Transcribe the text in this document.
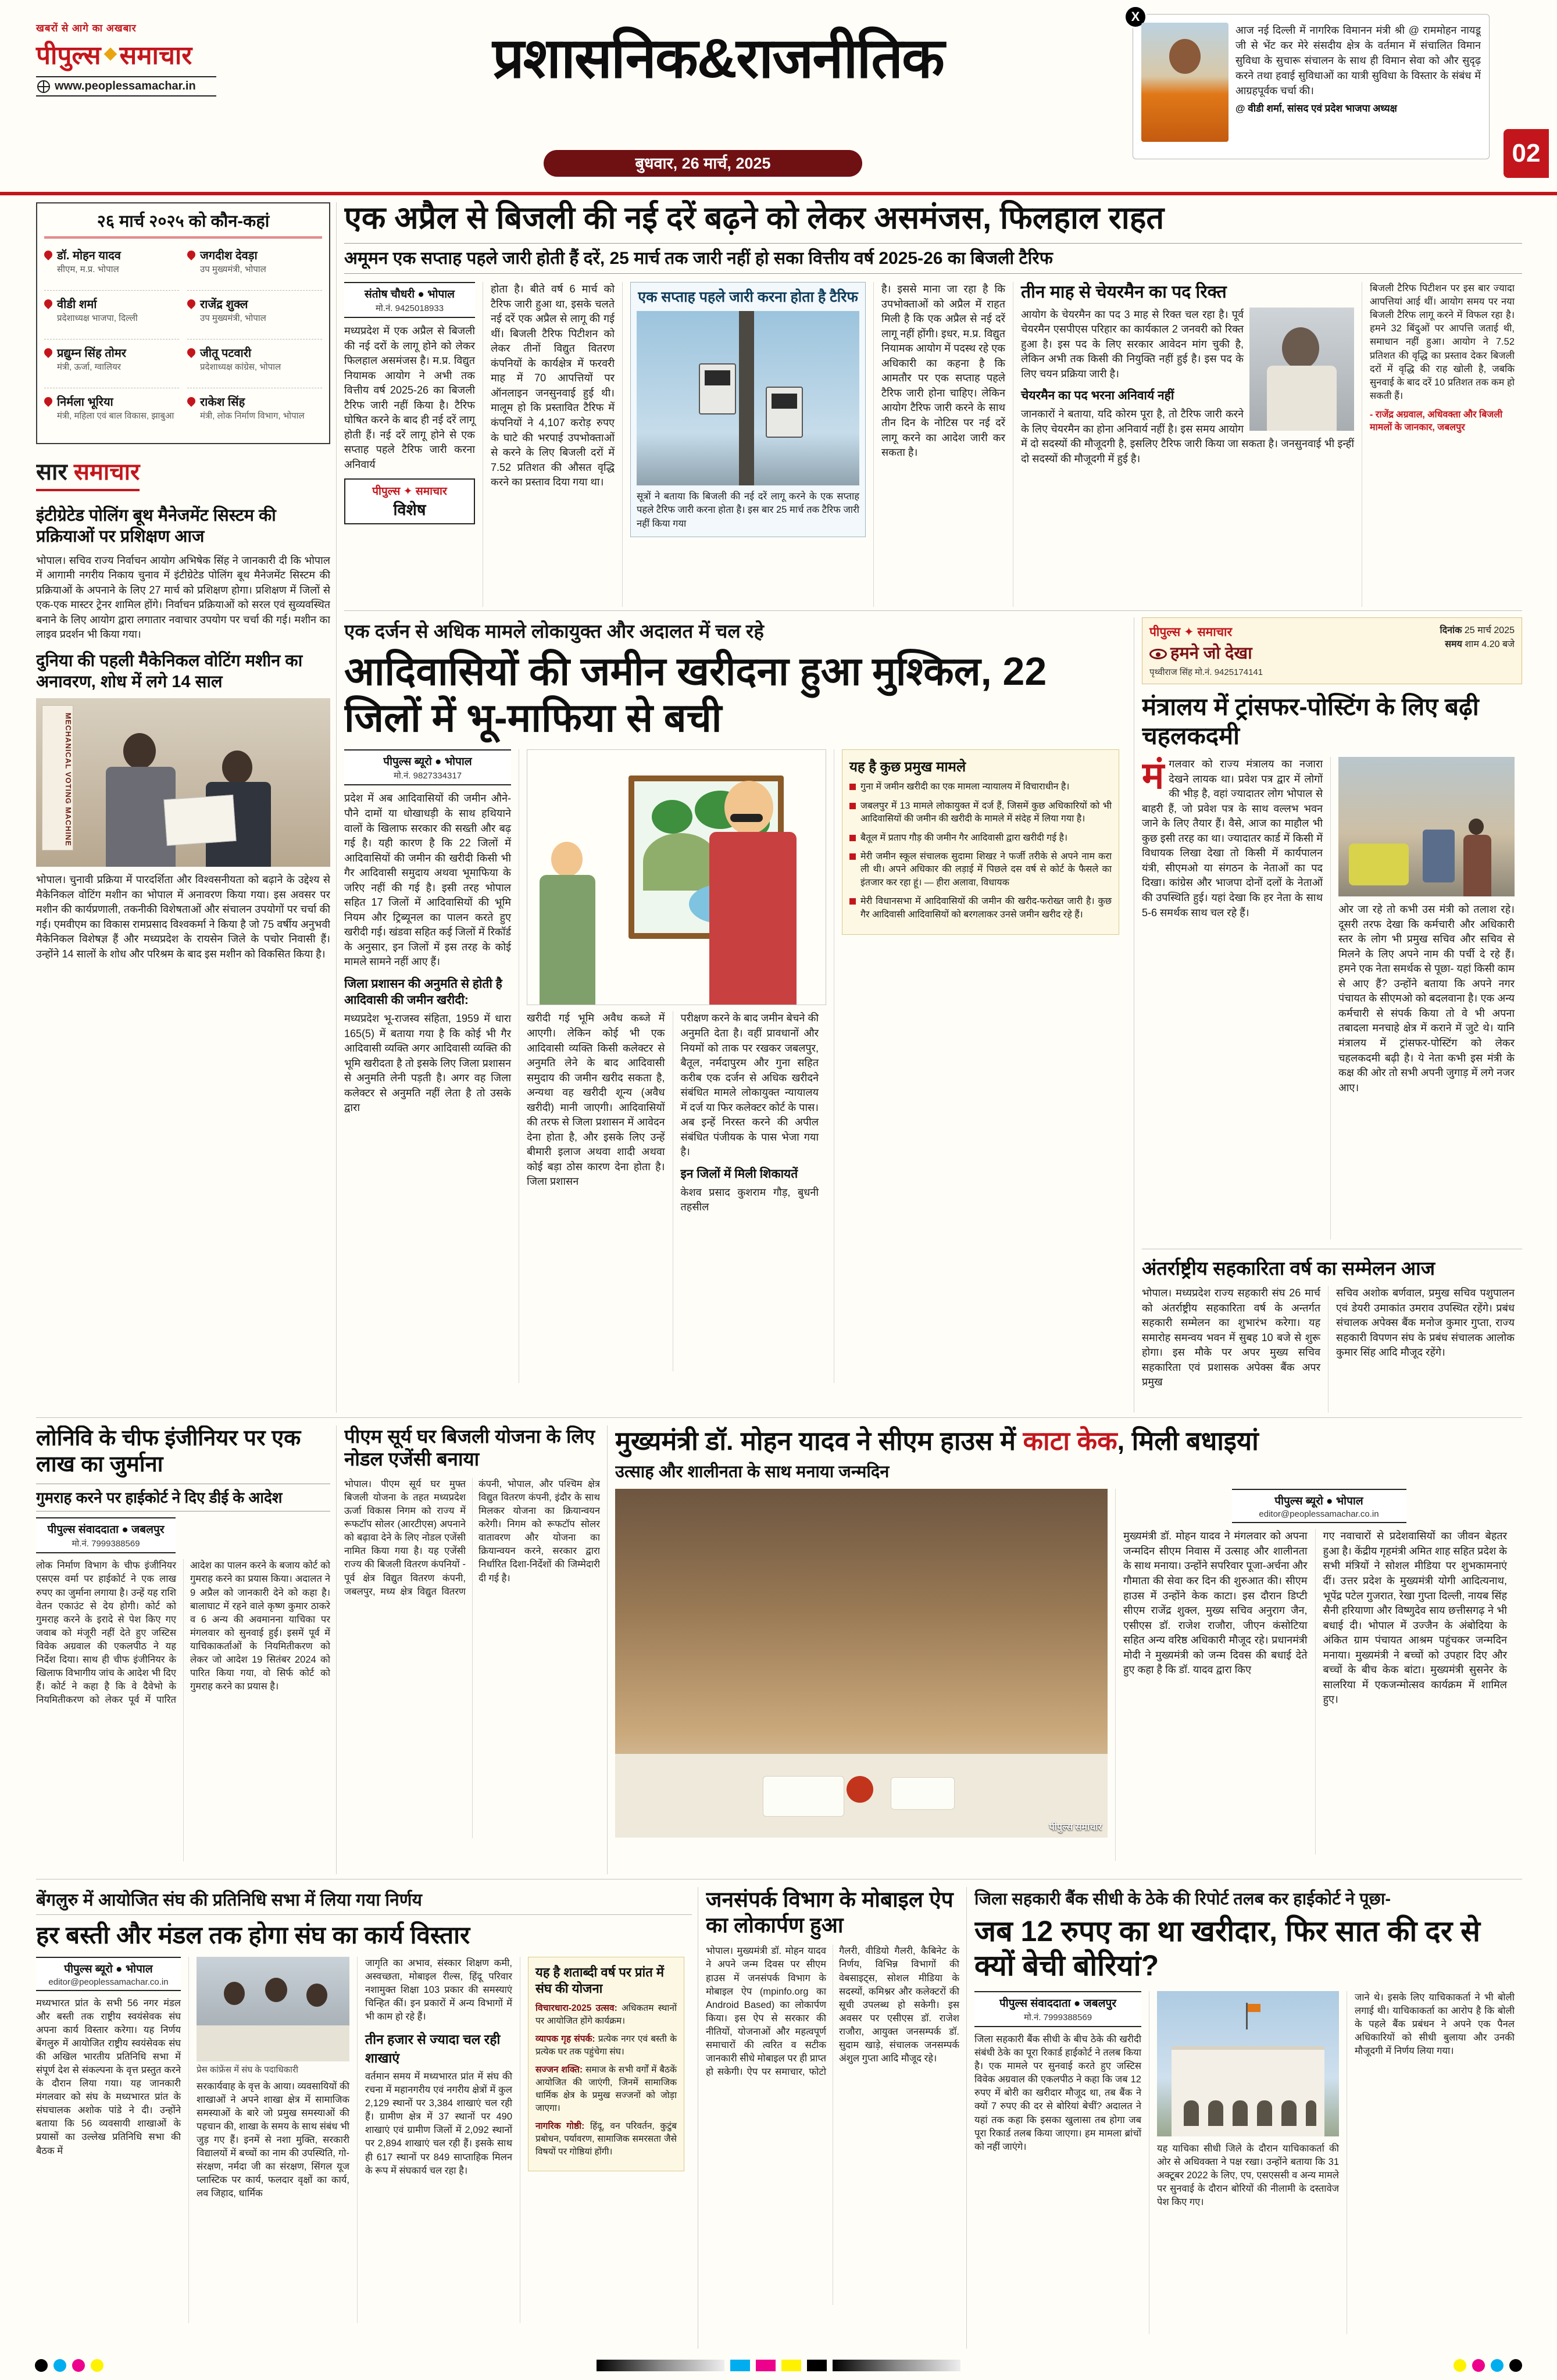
खबरों से आगे का अखबार
पीपुल्स समाचार
www.peoplessamachar.in	प्रशासनिक&राजनीतिक
बुधवार, 26 मार्च, 2025
X

आज नई दिल्ली में नागरिक विमानन मंत्री श्री @ राममोहन नायडू जी से भेंट कर मेरे संसदीय क्षेत्र के वर्तमान में संचालित विमान सुविधा के सुचारू संचालन के साथ ही विमान सेवा को और सुदृढ़ करने तथा हवाई सुविधाओं का यात्री सुविधा के विस्तार के संबंध में आग्रहपूर्वक चर्चा की।

@ वीडी शर्मा, सांसद एवं प्रदेश भाजपा अध्यक्ष
02
२६ मार्च २०२५ को कौन-कहां
डॉ. मोहन यादव
सीएम, म.प्र. भोपाल
जगदीश देवड़ा
उप मुख्यमंत्री, भोपाल
वीडी शर्मा
प्रदेशाध्यक्ष भाजपा, दिल्ली
राजेंद्र शुक्ल
उप मुख्यमंत्री, भोपाल
प्रद्युम्न सिंह तोमर
मंत्री, ऊर्जा, ग्वालियर
जीतू पटवारी
प्रदेशाध्यक्ष कांग्रेस, भोपाल
निर्मला भूरिया
मंत्री, महिला एवं बाल विकास, झाबुआ
राकेश सिंह
मंत्री, लोक निर्माण विभाग, भोपाल
सार समाचार
इंटीग्रेटेड पोलिंग बूथ मैनेजमेंट सिस्टम की प्रक्रियाओं पर प्रशिक्षण आज

भोपाल। सचिव राज्य निर्वाचन आयोग अभिषेक सिंह ने जानकारी दी कि भोपाल में आगामी नगरीय निकाय चुनाव में इंटीग्रेटेड पोलिंग बूथ मैनेजमेंट सिस्टम की प्रक्रियाओं के अपनाने के लिए 27 मार्च को प्रशिक्षण होगा। प्रशिक्षण में जिलों से एक-एक मास्टर ट्रेनर शामिल होंगे। निर्वाचन प्रक्रियाओं को सरल एवं सुव्यवस्थित बनाने के लिए आयोग द्वारा लगातार नवाचार उपयोग पर चर्चा की गई। मशीन का लाइव प्रदर्शन भी किया गया।

दुनिया की पहली मैकेनिकल वोटिंग मशीन का अनावरण, शोध में लगे 14 साल
MECHANICAL VOTING MACHINE

भोपाल। चुनावी प्रक्रिया में पारदर्शिता और विश्वसनीयता को बढ़ाने के उद्देश्य से मैकेनिकल वोटिंग मशीन का भोपाल में अनावरण किया गया। इस अवसर पर मशीन की कार्यप्रणाली, तकनीकी विशेषताओं और संचालन उपयोगों पर चर्चा की गई। एमवीएम का विकास रामप्रसाद विश्वकर्मा ने किया है जो 75 वर्षीय अनुभवी मैकेनिकल विशेषज्ञ हैं और मध्यप्रदेश के रायसेन जिले के पचोर निवासी हैं। उन्होंने 14 सालों के शोध और परिश्रम के बाद इस मशीन को विकसित किया है।

एक अप्रैल से बिजली की नई दरें बढ़ने को लेकर असमंजस, फिलहाल राहत
अमूमन एक सप्ताह पहले जारी होती हैं दरें, 25 मार्च तक जारी नहीं हो सका वित्तीय वर्ष 2025-26 का बिजली टैरिफ
संतोष चौधरी ● भोपाल
मो.नं. 9425018933

मध्यप्रदेश में एक अप्रैल से बिजली की नई दरों के लागू होने को लेकर फिलहाल असमंजस है। म.प्र. विद्युत नियामक आयोग ने अभी तक वित्तीय वर्ष 2025-26 का बिजली टैरिफ जारी नहीं किया है। टैरिफ घोषित करने के बाद ही नई दरें लागू होती हैं। नई दरें लागू होने से एक सप्ताह पहले टैरिफ जारी करना अनिवार्य

पीपुल्स ✦ समाचार
विशेष

होता है। बीते वर्ष 6 मार्च को टैरिफ जारी हुआ था, इसके चलते नई दरें एक अप्रैल से लागू की गई थीं। बिजली टैरिफ पिटीशन को लेकर तीनों विद्युत वितरण कंपनियों के कार्यक्षेत्र में फरवरी माह में 70 आपत्तियों पर ऑनलाइन जनसुनवाई हुई थी। मालूम हो कि प्रस्तावित टैरिफ में कंपनियों ने 4,107 करोड़ रुपए के घाटे की भरपाई उपभोक्ताओं से करने के लिए बिजली दरों में 7.52 प्रतिशत की औसत वृद्धि करने का प्रस्ताव दिया गया था।

एक सप्ताह पहले जारी करना होता है टैरिफ

सूत्रों ने बताया कि बिजली की नई दरें लागू करने के एक सप्ताह पहले टैरिफ जारी करना होता है। इस बार 25 मार्च तक टैरिफ जारी नहीं किया गया

है। इससे माना जा रहा है कि उपभोक्ताओं को अप्रैल में राहत मिली है कि एक अप्रैल से नई दरें लागू नहीं होंगी। इधर, म.प्र. विद्युत नियामक आयोग में पदस्थ रहे एक अधिकारी का कहना है कि आमतौर पर एक सप्ताह पहले टैरिफ जारी होना चाहिए। लेकिन आयोग टैरिफ जारी करने के साथ तीन दिन के नोटिस पर नई दरें लागू करने का आदेश जारी कर सकता है।

तीन माह से चेयरमैन का पद रिक्त

आयोग के चेयरमैन का पद 3 माह से रिक्त चल रहा है। पूर्व चेयरमैन एसपीएस परिहार का कार्यकाल 2 जनवरी को रिक्त हुआ है। इस पद के लिए सरकार आवेदन मांग चुकी है, लेकिन अभी तक किसी की नियुक्ति नहीं हुई है। इस पद के लिए चयन प्रक्रिया जारी है।

चेयरमैन का पद भरना अनिवार्य नहीं

जानकारों ने बताया, यदि कोरम पूरा है, तो टैरिफ जारी करने के लिए चेयरमैन का होना अनिवार्य नहीं है। इस समय आयोग में दो सदस्यों की मौजूदगी है, इसलिए टैरिफ जारी किया जा सकता है। जनसुनवाई भी इन्हीं दो सदस्यों की मौजूदगी में हुई है।

बिजली टैरिफ पिटीशन पर इस बार ज्यादा आपत्तियां आई थीं। आयोग समय पर नया बिजली टैरिफ लागू करने में विफल रहा है। हमने 32 बिंदुओं पर आपत्ति जताई थी, समाधान नहीं हुआ। आयोग ने 7.52 प्रतिशत की वृद्धि का प्रस्ताव देकर बिजली दरों में वृद्धि की राह खोली है, जबकि सुनवाई के बाद दरें 10 प्रतिशत तक कम हो सकती हैं।

- राजेंद्र अग्रवाल, अधिवक्ता और बिजली मामलों के जानकार, जबलपुर
एक दर्जन से अधिक मामले लोकायुक्त और अदालत में चल रहे
आदिवासियों की जमीन खरीदना हुआ मुश्किल, 22 जिलों में भू-माफिया से बची
पीपुल्स ब्यूरो ● भोपाल
मो.नं. 9827334317

प्रदेश में अब आदिवासियों की जमीन औने-पौने दामों या धोखाधड़ी के साथ हथियाने वालों के खिलाफ सरकार की सख्ती और बढ़ गई है। यही कारण है कि 22 जिलों में आदिवासियों की जमीन की खरीदी किसी भी गैर आदिवासी समुदाय अथवा भूमाफिया के जरिए नहीं की गई है। इसी तरह भोपाल सहित 17 जिलों में आदिवासियों की भूमि नियम और ट्रिब्यूनल का पालन करते हुए खरीदी गई। खंडवा सहित कई जिलों में रिकॉर्ड के अनुसार, इन जिलों में इस तरह के कोई मामले सामने नहीं आए हैं।

जिला प्रशासन की अनुमति से होती है आदिवासी की जमीन खरीदी:

मध्यप्रदेश भू-राजस्व संहिता, 1959 में धारा 165(5) में बताया गया है कि कोई भी गैर आदिवासी व्यक्ति अगर आदिवासी व्यक्ति की भूमि खरीदता है तो इसके लिए जिला प्रशासन से अनुमति लेनी पड़ती है। अगर वह जिला कलेक्टर से अनुमति नहीं लेता है तो उसके द्वारा

खरीदी गई भूमि अवैध कब्जे में आएगी। लेकिन कोई भी एक आदिवासी व्यक्ति किसी कलेक्टर से अनुमति लेने के बाद आदिवासी समुदाय की जमीन खरीद सकता है, अन्यथा वह खरीदी शून्य (अवैध खरीदी) मानी जाएगी। आदिवासियों की तरफ से जिला प्रशासन में आवेदन देना होता है, और इसके लिए उन्हें बीमारी इलाज अथवा शादी अथवा कोई बड़ा ठोस कारण देना होता है। जिला प्रशासन

परीक्षण करने के बाद जमीन बेचने की अनुमति देता है। वहीं प्रावधानों और नियमों को ताक पर रखकर जबलपुर, बैतूल, नर्मदापुरम और गुना सहित करीब एक दर्जन से अधिक खरीदने संबंधित मामले लोकायुक्त न्यायालय में दर्ज या फिर कलेक्टर कोर्ट के पास। अब इन्हें निरस्त करने की अपील संबंधित पंजीयक के पास भेजा गया है।

इन जिलों में मिली शिकायतें

केशव प्रसाद कुशराम गौड़, बुधनी तहसील

यह है कुछ प्रमुख मामले
गुना में जमीन खरीदी का एक मामला न्यायालय में विचाराधीन है।
जबलपुर में 13 मामले लोकायुक्त में दर्ज हैं, जिसमें कुछ अधिकारियों को भी आदिवासियों की जमीन की खरीदी के मामले में संदेह में लिया गया है।
बैतूल में प्रताप गौड़ की जमीन गैर आदिवासी द्वारा खरीदी गई है।
मेरी जमीन स्कूल संचालक सुदामा शिखऱ ने फर्जी तरीके से अपने नाम करा ली थी। अपने अधिकार की लड़ाई में पिछले दस वर्ष से कोर्ट के फैसले का इंतजार कर रहा हूं। — हीरा अलावा, विधायक
मेरी विधानसभा में आदिवासियों की जमीन की खरीद-फरोख्त जारी है। कुछ गैर आदिवासी आदिवासियों को बरगलाकर उनसे जमीन खरीद रहे हैं।
पीपुल्स ✦ समाचार
हमने जो देखा
दिनांक 25 मार्च 2025
समय शाम 4.20 बजे
पृथ्वीराज सिंह मो.नं. 9425174141
मंत्रालय में ट्रांसफर-पोस्टिंग के लिए बढ़ी चहलकदमी
मं गलवार को राज्य मंत्रालय का नजारा देखने लायक था। प्रवेश पत्र द्वार में लोगों की भीड़ है, वहां ज्यादातर लोग भोपाल से बाहरी हैं, जो प्रवेश पत्र के साथ वल्लभ भवन जाने के लिए तैयार हैं। वैसे, आज का माहौल भी कुछ इसी तरह का था। ज्यादातर कार्ड में किसी में विधायक लिखा देखा तो किसी में कार्यपालन यंत्री, सीएमओ या संगठन के नेताओं का पद दिखा। कांग्रेस और भाजपा दोनों दलों के नेताओं की उपस्थिति हुई। यहां देखा कि हर नेता के साथ 5-6 समर्थक साथ चल रहे हैं।	ओर जा रहे तो कभी उस मंत्री को तलाश रहे। दूसरी तरफ देखा कि कर्मचारी और अधिकारी स्तर के लोग भी प्रमुख सचिव और सचिव से मिलने के लिए अपने नाम की पर्ची दे रहे हैं। हमने एक नेता समर्थक से पूछा- यहां किसी काम से आए हैं? उन्होंने बताया कि अपने नगर पंचायत के सीएमओ को बदलवाना है। एक अन्य कर्मचारी से संपर्क किया तो वे भी अपना तबादला मनचाहे क्षेत्र में कराने में जुटे थे। यानि मंत्रालय में ट्रांसफर-पोस्टिंग को लेकर चहलकदमी बढ़ी है। ये नेता कभी इस मंत्री के कक्ष की ओर तो सभी अपनी जुगाड़ में लगे नजर आए।

अंतर्राष्ट्रीय सहकारिता वर्ष का सम्मेलन आज

भोपाल। मध्यप्रदेश राज्य सहकारी संघ 26 मार्च को अंतर्राष्ट्रीय सहकारिता वर्ष के अन्तर्गत सहकारी सम्मेलन का शुभारंभ करेगा। यह समारोह समन्वय भवन में सुबह 10 बजे से शुरू होगा। इस मौके पर अपर मुख्य सचिव सहकारिता एवं प्रशासक अपेक्स बैंक अपर प्रमुख

सचिव अशोक बर्णवाल, प्रमुख सचिव पशुपालन एवं डेयरी उमाकांत उमराव उपस्थित रहेंगे। प्रबंध संचालक अपेक्स बैंक मनोज कुमार गुप्ता, राज्य सहकारी विपणन संघ के प्रबंध संचालक आलोक कुमार सिंह आदि मौजूद रहेंगे।

लोनिवि के चीफ इंजीनियर पर एक लाख का जुर्माना
गुमराह करने पर हाईकोर्ट ने दिए डीई के आदेश
पीपुल्स संवाददाता ● जबलपुर
मो.नं. 7999388569

लोक निर्माण विभाग के चीफ इंजीनियर एसएस वर्मा पर हाईकोर्ट ने एक लाख रुपए का जुर्माना लगाया है। उन्हें यह राशि वेतन एकाउंट से देय होगी। कोर्ट को गुमराह करने के इरादे से पेश किए गए जवाब को मंजूरी नहीं देते हुए जस्टिस विवेक अग्रवाल की एकलपीठ ने यह निर्देश दिया। साथ ही चीफ इंजीनियर के खिलाफ विभागीय जांच के आदेश भी दिए हैं। कोर्ट ने कहा है कि वे दैवेभो के नियमितीकरण को लेकर पूर्व में पारित आदेश का पालन करने के बजाय कोर्ट को गुमराह करने का प्रयास किया। अदालत ने 9 अप्रैल को जानकारी देने को कहा है। बालाघाट में रहने वाले कृष्ण कुमार ठाकरे व 6 अन्य की अवमानना याचिका पर मंगलवार को सुनवाई हुई। इसमें पूर्व में याचिकाकर्ताओं के नियमितीकरण को लेकर जो आदेश 19 सितंबर 2024 को पारित किया गया, वो सिर्फ कोर्ट को गुमराह करने का प्रयास है।

पीएम सूर्य घर बिजली योजना के लिए नोडल एजेंसी बनाया

भोपाल। पीएम सूर्य घर मुफ्त बिजली योजना के तहत मध्यप्रदेश ऊर्जा विकास निगम को राज्य में रूफटॉप सोलर (आरटीएस) अपनाने को बढ़ावा देने के लिए नोडल एजेंसी नामित किया गया है। यह एजेंसी राज्य की बिजली वितरण कंपनियों - पूर्व क्षेत्र विद्युत वितरण कंपनी, जबलपुर, मध्य क्षेत्र विद्युत वितरण कंपनी, भोपाल, और पश्चिम क्षेत्र विद्युत वितरण कंपनी, इंदौर के साथ मिलकर योजना का क्रियान्वयन करेगी। निगम को रूफटॉप सोलर वातावरण और योजना का क्रियान्वयन करने, सरकार द्वारा निर्धारित दिशा-निर्देशों की जिम्मेदारी दी गई है।

मुख्यमंत्री डॉ. मोहन यादव ने सीएम हाउस में काटा केक, मिली बधाइयां
उत्साह और शालीनता के साथ मनाया जन्मदिन
पीपुल्स समाचार
पीपुल्स ब्यूरो ● भोपाल
editor@peoplessamachar.co.in

मुख्यमंत्री डॉ. मोहन यादव ने मंगलवार को अपना जन्मदिन सीएम निवास में उत्साह और शालीनता के साथ मनाया। उन्होंने सपरिवार पूजा-अर्चना और गौमाता की सेवा कर दिन की शुरुआत की। सीएम हाउस में उन्होंने केक काटा। इस दौरान डिप्टी सीएम राजेंद्र शुक्ल, मुख्य सचिव अनुराग जैन, एसीएस डॉ. राजेश राजौरा, जीएन कंसोटिया सहित अन्य वरिष्ठ अधिकारी मौजूद रहे। प्रधानमंत्री मोदी ने मुख्यमंत्री को जन्म दिवस की बधाई देते हुए कहा है कि डॉ. यादव द्वारा किए

गए नवाचारों से प्रदेशवासियों का जीवन बेहतर हुआ है। केंद्रीय गृहमंत्री अमित शाह सहित प्रदेश के सभी मंत्रियों ने सोशल मीडिया पर शुभकामनाएं दीं। उत्तर प्रदेश के मुख्यमंत्री योगी आदित्यनाथ, भूपेंद्र पटेल गुजरात, रेखा गुप्ता दिल्ली, नायब सिंह सैनी हरियाणा और विष्णुदेव साय छत्तीसगढ़ ने भी बधाई दी। भोपाल में उज्जैन के अंबोदिया के अंकित ग्राम पंचायत आश्रम पहुंचकर जन्मदिन मनाया। मुख्यमंत्री ने बच्चों को उपहार दिए और बच्चों के बीच केक बांटा। मुख्यमंत्री सुसनेर के सालरिया में एकजन्मोत्सव कार्यक्रम में शामिल हुए।

बेंगलुरु में आयोजित संघ की प्रतिनिधि सभा में लिया गया निर्णय
हर बस्ती और मंडल तक होगा संघ का कार्य विस्तार
पीपुल्स ब्यूरो ● भोपाल
editor@peoplessamachar.co.in

मध्यभारत प्रांत के सभी 56 नगर मंडल और बस्ती तक राष्ट्रीय स्वयंसेवक संघ अपना कार्य विस्तार करेगा। यह निर्णय बेंगलुरु में आयोजित राष्ट्रीय स्वयंसेवक संघ की अखिल भारतीय प्रतिनिधि सभा में संपूर्ण देश से संकल्पना के वृत्त प्रस्तुत करने के दौरान लिया गया। यह जानकारी मंगलवार को संघ के मध्यभारत प्रांत के संघचालक अशोक पांडे ने दी। उन्होंने बताया कि 56 व्यवसायी शाखाओं के प्रयासों का उल्लेख प्रतिनिधि सभा की बैठक में

प्रेस कांफ्रेंस में संघ के पदाधिकारी

सरकार्यवाह के वृत्त के आया। व्यवसायियों की शाखाओं ने अपने शाखा क्षेत्र में सामाजिक समस्याओं के बारे जो प्रमुख समस्याओं की पहचान की, शाखा के समय के साथ संबंध भी जुड़ गए हैं। इनमें से नशा मुक्ति, सरकारी विद्यालयों में बच्चों का नाम की उपस्थिति, गो-संरक्षण, नर्मदा जी का संरक्षण, सिंगल यूज प्लास्टिक पर कार्य, फलदार वृक्षों का कार्य, लव जिहाद, धार्मिक

जागृति का अभाव, संस्कार शिक्षण कमी, अस्वच्छता, मोबाइल रील्स, हिंदू परिवार नशामुक्त शिक्षा 103 प्रकार की समस्याएं चिन्हित कीं। इन प्रकारों में अन्य विभागों में भी काम हो रहे हैं।

तीन हजार से ज्यादा चल रही शाखाएं

वर्तमान समय में मध्यभारत प्रांत में संघ की रचना में महानगरीय एवं नगरीय क्षेत्रों में कुल 2,129 स्थानों पर 3,384 शाखाएं चल रही हैं। ग्रामीण क्षेत्र में 37 स्थानों पर 490 शाखाएं एवं ग्रामीण जिलों में 2,092 स्थानों पर 2,894 शाखाएं चल रही हैं। इसके साथ ही 617 स्थानों पर 849 साप्ताहिक मिलन के रूप में संघकार्य चल रहा है।

यह है शताब्दी वर्ष पर प्रांत में संघ की योजना
विचारधारा-2025 उत्सव: अधिकतम स्थानों पर आयोजित होंगे कार्यक्रम।
व्यापक गृह संपर्क: प्रत्येक नगर एवं बस्ती के प्रत्येक घर तक पहुंचेगा संघ।
सज्जन शक्ति: समाज के सभी वर्गों में बैठकें आयोजित की जाएंगी, जिनमें सामाजिक धार्मिक क्षेत्र के प्रमुख सज्जनों को जोड़ा जाएगा।
नागरिक गोष्ठी: हिंदू, वन परिवर्तन, कुटुंब प्रबोधन, पर्यावरण, सामाजिक समरसता जैसे विषयों पर गोष्ठियां होंगी।
जनसंपर्क विभाग के मोबाइल ऐप का लोकार्पण हुआ

भोपाल। मुख्यमंत्री डॉ. मोहन यादव ने अपने जन्म दिवस पर सीएम हाउस में जनसंपर्क विभाग के मोबाइल ऐप (mpinfo.org का Android Based) का लोकार्पण किया। इस ऐप से सरकार की नीतियों, योजनाओं और महत्वपूर्ण समाचारों की त्वरित व सटीक जानकारी सीधे मोबाइल पर ही प्राप्त हो सकेगी। ऐप पर समाचार, फोटो गैलरी, वीडियो गैलरी, कैबिनेट के निर्णय, विभिन्न विभागों की वेबसाइट्स, सोशल मीडिया के सदस्यों, कमिश्नर और कलेक्टरों की सूची उपलब्ध हो सकेगी। इस अवसर पर एसीएस डॉ. राजेश राजौरा, आयुक्त जनसम्पर्क डॉ. सुदाम खाड़े, संचालक जनसम्पर्क अंशुल गुप्ता आदि मौजूद रहे।

जिला सहकारी बैंक सीधी के ठेके की रिपोर्ट तलब कर हाईकोर्ट ने पूछा-
जब 12 रुपए का था खरीदार, फिर सात की दर से क्यों बेची बोरियां?
पीपुल्स संवाददाता ● जबलपुर
मो.नं. 7999388569

जिला सहकारी बैंक सीधी के बीच ठेके की खरीदी संबंधी ठेके का पूरा रिकार्ड हाईकोर्ट ने तलब किया है। एक मामले पर सुनवाई करते हुए जस्टिस विवेक अग्रवाल की एकलपीठ ने कहा कि जब 12 रुपए में बोरी का खरीदार मौजूद था, तब बैंक ने क्यों 7 रुपए की दर से बोरियां बेचीं? अदालत ने यहां तक कहा कि इसका खुलासा तब होगा जब पूरा रिकार्ड तलब किया जाएगा। हम मामला ब्रांचों को नहीं जाएंगे।	यह याचिका सीधी जिले के दौरान याचिकाकर्ता की ओर से अधिवक्ता ने पक्ष रखा। उन्होंने बताया कि 31 अक्टूबर 2022 के लिए, एप, एसएससी व अन्य मामले पर सुनवाई के दौरान बोरियों की नीलामी के दस्तावेज पेश किए गए।

जाने थे। इसके लिए याचिकाकर्ता ने भी बोली लगाई थी। याचिकाकर्ता का आरोप है कि बोली के पहले बैंक प्रबंधन ने अपने एक पैनल अधिकारियों को सीधी बुलाया और उनकी मौजूदगी में निर्णय लिया गया।
